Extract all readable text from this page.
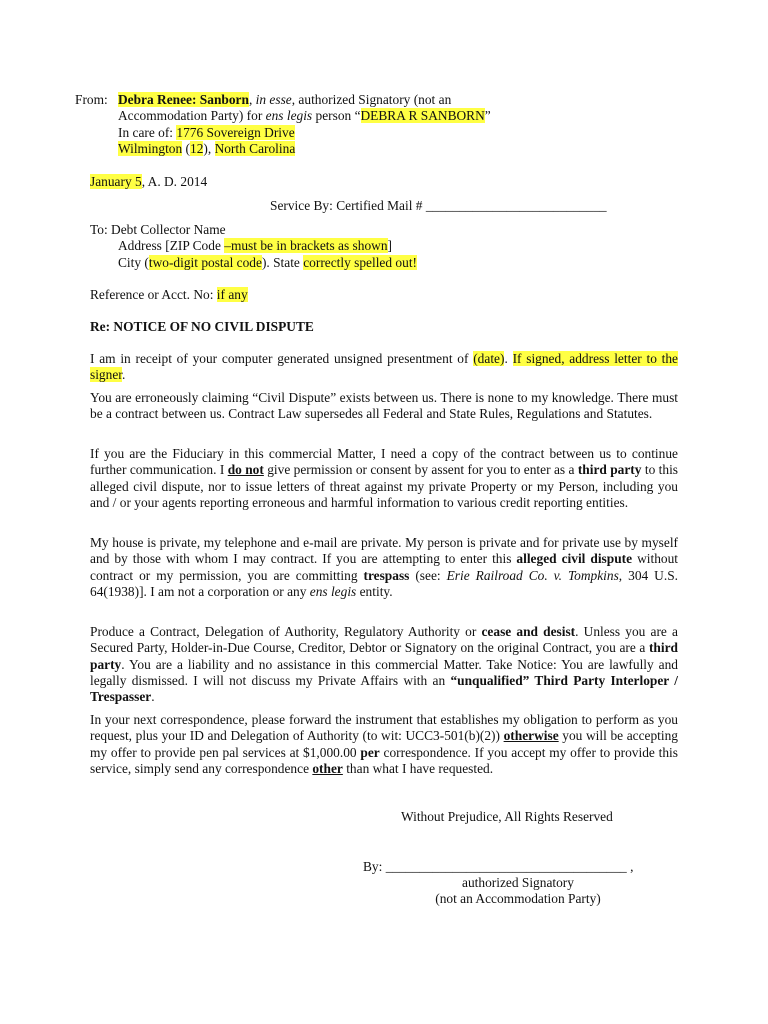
From: Debra Renee: Sanborn, in esse, authorized Signatory (not an
Accommodation Party) for ens legis person “DEBRA R SANBORN”
In care of: 1776 Sovereign Drive
Wilmington (12), North Carolina
January 5, A. D. 2014
Service By: Certified Mail # ___________________________
To: Debt Collector Name
Address [ZIP Code –must be in brackets as shown]
City (two-digit postal code). State correctly spelled out!
Reference or Acct. No: if any
Re: NOTICE OF NO CIVIL DISPUTE
I am in receipt of your computer generated unsigned presentment of (date). If signed, address letter to the signer.
You are erroneously claiming “Civil Dispute” exists between us. There is none to my knowledge. There must be a contract between us. Contract Law supersedes all Federal and State Rules, Regulations and Statutes.
If you are the Fiduciary in this commercial Matter, I need a copy of the contract between us to continue further communication. I do not give permission or consent by assent for you to enter as a third party to this alleged civil dispute, nor to issue letters of threat against my private Property or my Person, including you and / or your agents reporting erroneous and harmful information to various credit reporting entities.
My house is private, my telephone and e-mail are private. My person is private and for private use by myself and by those with whom I may contract. If you are attempting to enter this alleged civil dispute without contract or my permission, you are committing trespass (see: Erie Railroad Co. v. Tompkins, 304 U.S. 64(1938)]. I am not a corporation or any ens legis entity.
Produce a Contract, Delegation of Authority, Regulatory Authority or cease and desist. Unless you are a Secured Party, Holder-in-Due Course, Creditor, Debtor or Signatory on the original Contract, you are a third party. You are a liability and no assistance in this commercial Matter. Take Notice: You are lawfully and legally dismissed. I will not discuss my Private Affairs with an “unqualified” Third Party Interloper / Trespasser.
In your next correspondence, please forward the instrument that establishes my obligation to perform as you request, plus your ID and Delegation of Authority (to wit: UCC3-501(b)(2)) otherwise you will be accepting my offer to provide pen pal services at $1,000.00 per correspondence. If you accept my offer to provide this service, simply send any correspondence other than what I have requested.
Without Prejudice, All Rights Reserved
By: ____________________________________ ,
authorized Signatory
(not an Accommodation Party)
